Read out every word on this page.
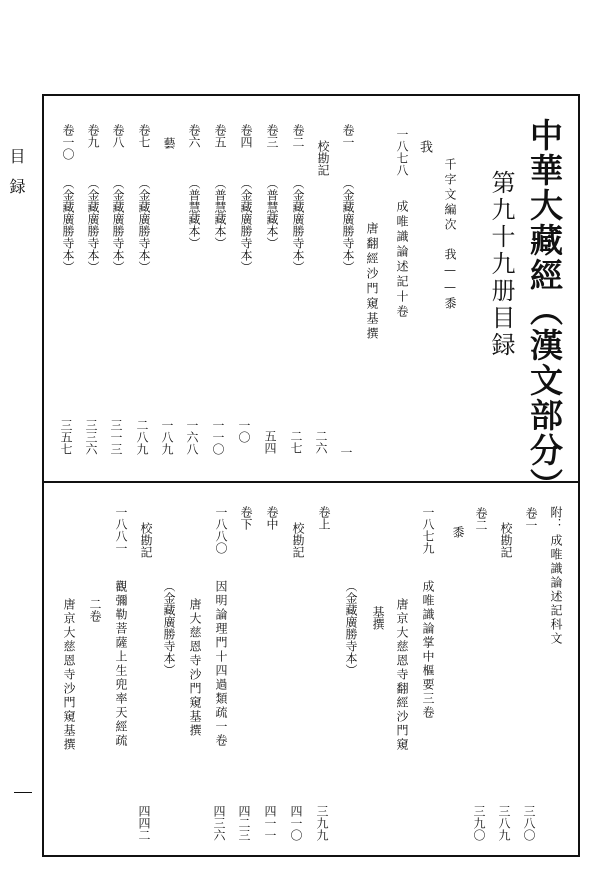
目録	中華大藏經︵漢文部分︶
第九十九册目録
千字文編次　我——黍
我
一八七八
成唯識論述記十卷
唐翻經沙門窺基撰
卷一
︵金藏廣勝寺本︶
一
校勘記
二六
卷二
︵金藏廣勝寺本︶
二七
卷三
︵普慧藏本︶
五四
卷四
︵金藏廣勝寺本︶
一〇
卷五
︵普慧藏本︶
一一〇
卷六
︵普慧藏本︶
一六八
藝
一八九
卷七
︵金藏廣勝寺本︶
二八九
卷八
︵金藏廣勝寺本︶
三一三
卷九
︵金藏廣勝寺本︶
三三六
卷一〇
︵金藏廣勝寺本︶
三五七
附：
成唯識論述記科文
卷一
三八〇
校勘記
三八九
卷二
三九〇
黍
一八七九
成唯識論掌中樞要三卷
唐京大慈恩寺翻經沙門窺
基撰
︵金藏廣勝寺本︶
卷上
三九九
校勘記
四一〇
卷中
四一一
卷下
四二三
一八八〇
因明論理門十四過類疏一卷
唐大慈恩寺沙門窺基撰
︵金藏廣勝寺本︶
四三六
校勘記
四四二
一八八一
觀彌勒菩薩上生兜率天經疏
二卷
唐京大慈恩寺沙門窺基撰
